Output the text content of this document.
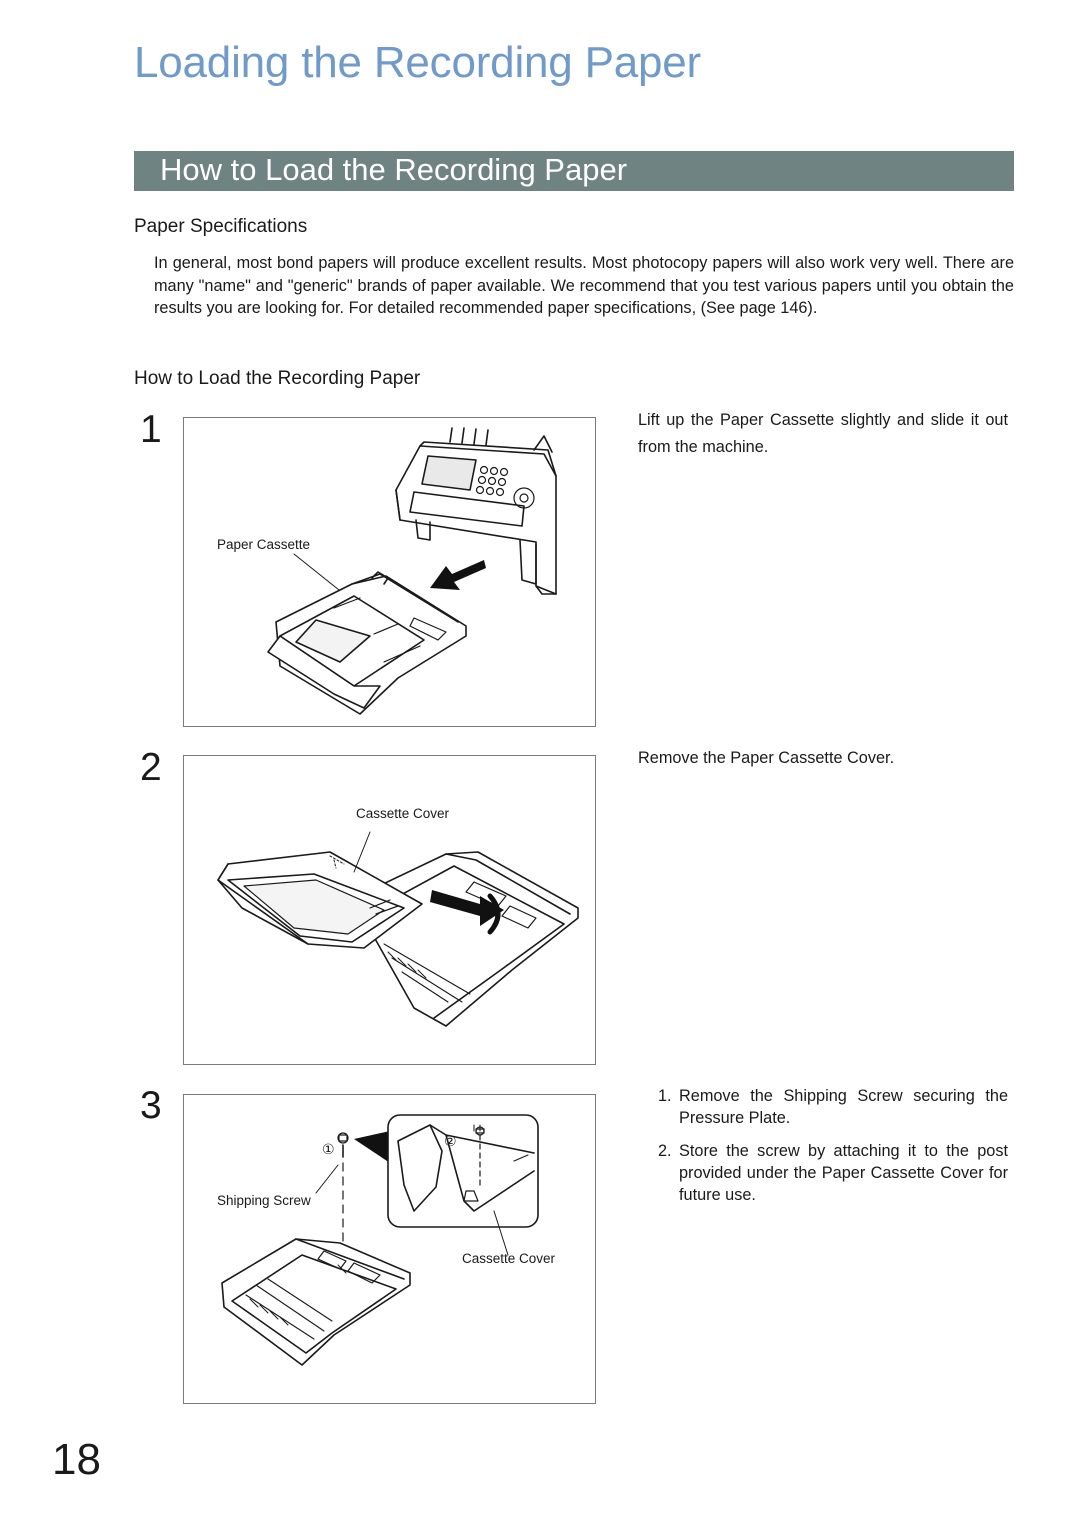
Loading the Recording Paper
How to Load the Recording Paper
Paper Specifications

In general, most bond papers will produce excellent results. Most photocopy papers will also work very well. There are many "name" and "generic" brands of paper available. We recommend that you test various papers until you obtain the results you are looking for. For detailed recommended paper specifications, (See page 146).

How to Load the Recording Paper
1
Paper Cassette

Lift up the Paper Cassette slightly and slide it out from the machine.

2
Cassette Cover

Remove the Paper Cassette Cover.

3
①	②
Shipping Screw
Cassette Cover
1. Remove the Shipping Screw securing the Pressure Plate.
2. Store the screw by attaching it to the post provided under the Paper Cassette Cover for future use.
18
